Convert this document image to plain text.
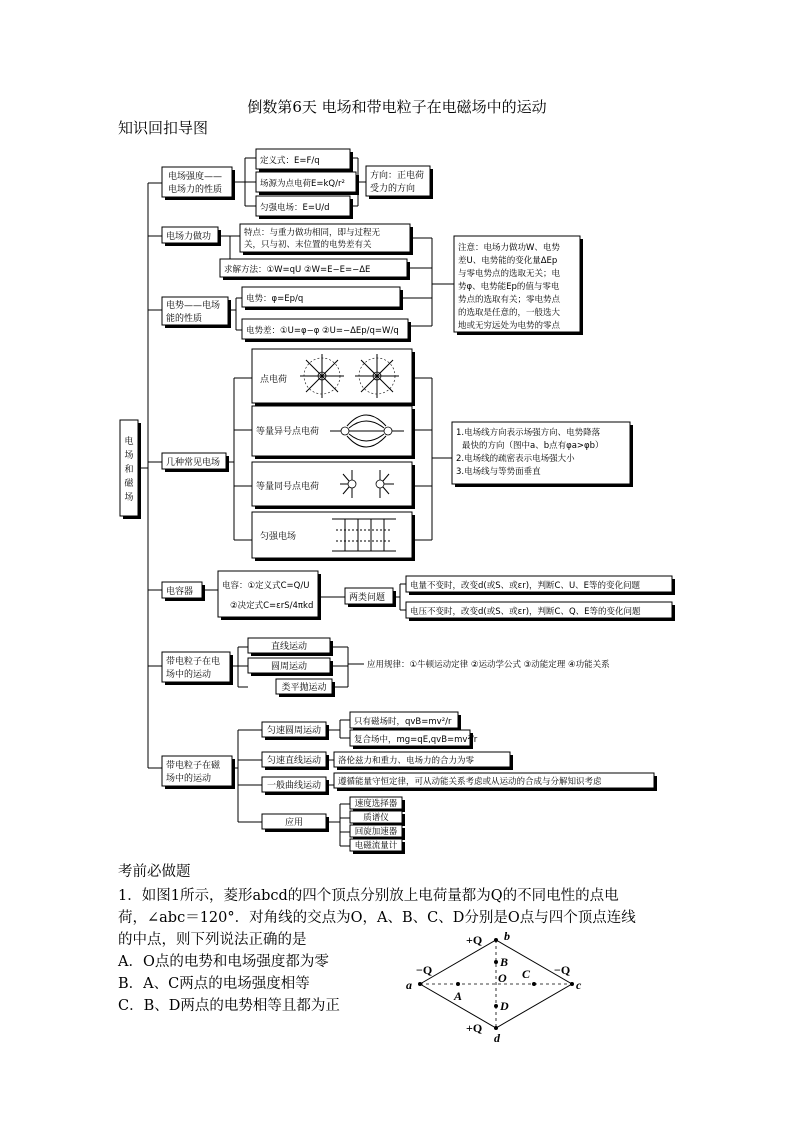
倒数第6天 电场和带电粒子在电磁场中的运动
知识回扣导图
电
场
和
磁
场
电场强度——
电场力的性质
定义式：E=F/q
场源为点电荷E=kQ/r²
匀强电场：E=U/d
方向：正电荷
受力的方向
电场力做功	特点：与重力做功相同，即与过程无
关，只与初、末位置的电势差有关
求解方法：①W=qU ②W=E−E=−ΔE
电势——电场
能的性质
电势：φ=Ep/q
电势差：①U=φ−φ ②U=−ΔEp/q=W/q
注意：电场力做功W、电势
差U、电势能的变化量ΔEp
与零电势点的选取无关；电
势φ、电势能Ep的值与零电
势点的选取有关；零电势点
的选取是任意的，一般选大
地或无穷远处为电势的零点
几种常见电场
点电荷
等量异号点电荷
等量同号点电荷
匀强电场
1.电场线方向表示场强方向、电势降落
最快的方向（图中a、b点有φa>φb）
2.电场线的疏密表示电场强大小
3.电场线与等势面垂直
电容器
电容：①定义式C=Q/U
②决定式C=εrS/4πkd
两类问题
电量不变时，改变d(或S、或εr)，判断C、U、E等的变化问题
电压不变时，改变d(或S、或εr)，判断C、Q、E等的变化问题
带电粒子在电
场中的运动
直线运动
圆周运动
类平抛运动
应用规律：①牛顿运动定律 ②运动学公式 ③动能定理 ④功能关系
带电粒子在磁
场中的运动
匀速圆周运动
只有磁场时，qvB=mv²/r
复合场中，mg=qE,qvB=mv²/r
匀速直线运动 洛伦兹力和重力、电场力的合力为零
一般曲线运动 遵循能量守恒定律，可从动能关系考虑或从运动的合成与分解知识考虑
应用
速度选择器
质谱仪
回旋加速器
电磁流量计
考前必做题
1．如图1所示，菱形abcd的四个顶点分别放上电荷量都为Q的不同电性的点电
荷，∠abc＝120°．对角线的交点为O，A、B、C、D分别是O点与四个顶点连线
的中点，则下列说法正确的是
A．O点的电势和电场强度都为零
B．A、C两点的电场强度相等
C．B、D两点的电势相等且都为正
+Q b
+Q
d
−Q
a
−Q
c
A
B
C
D
O
